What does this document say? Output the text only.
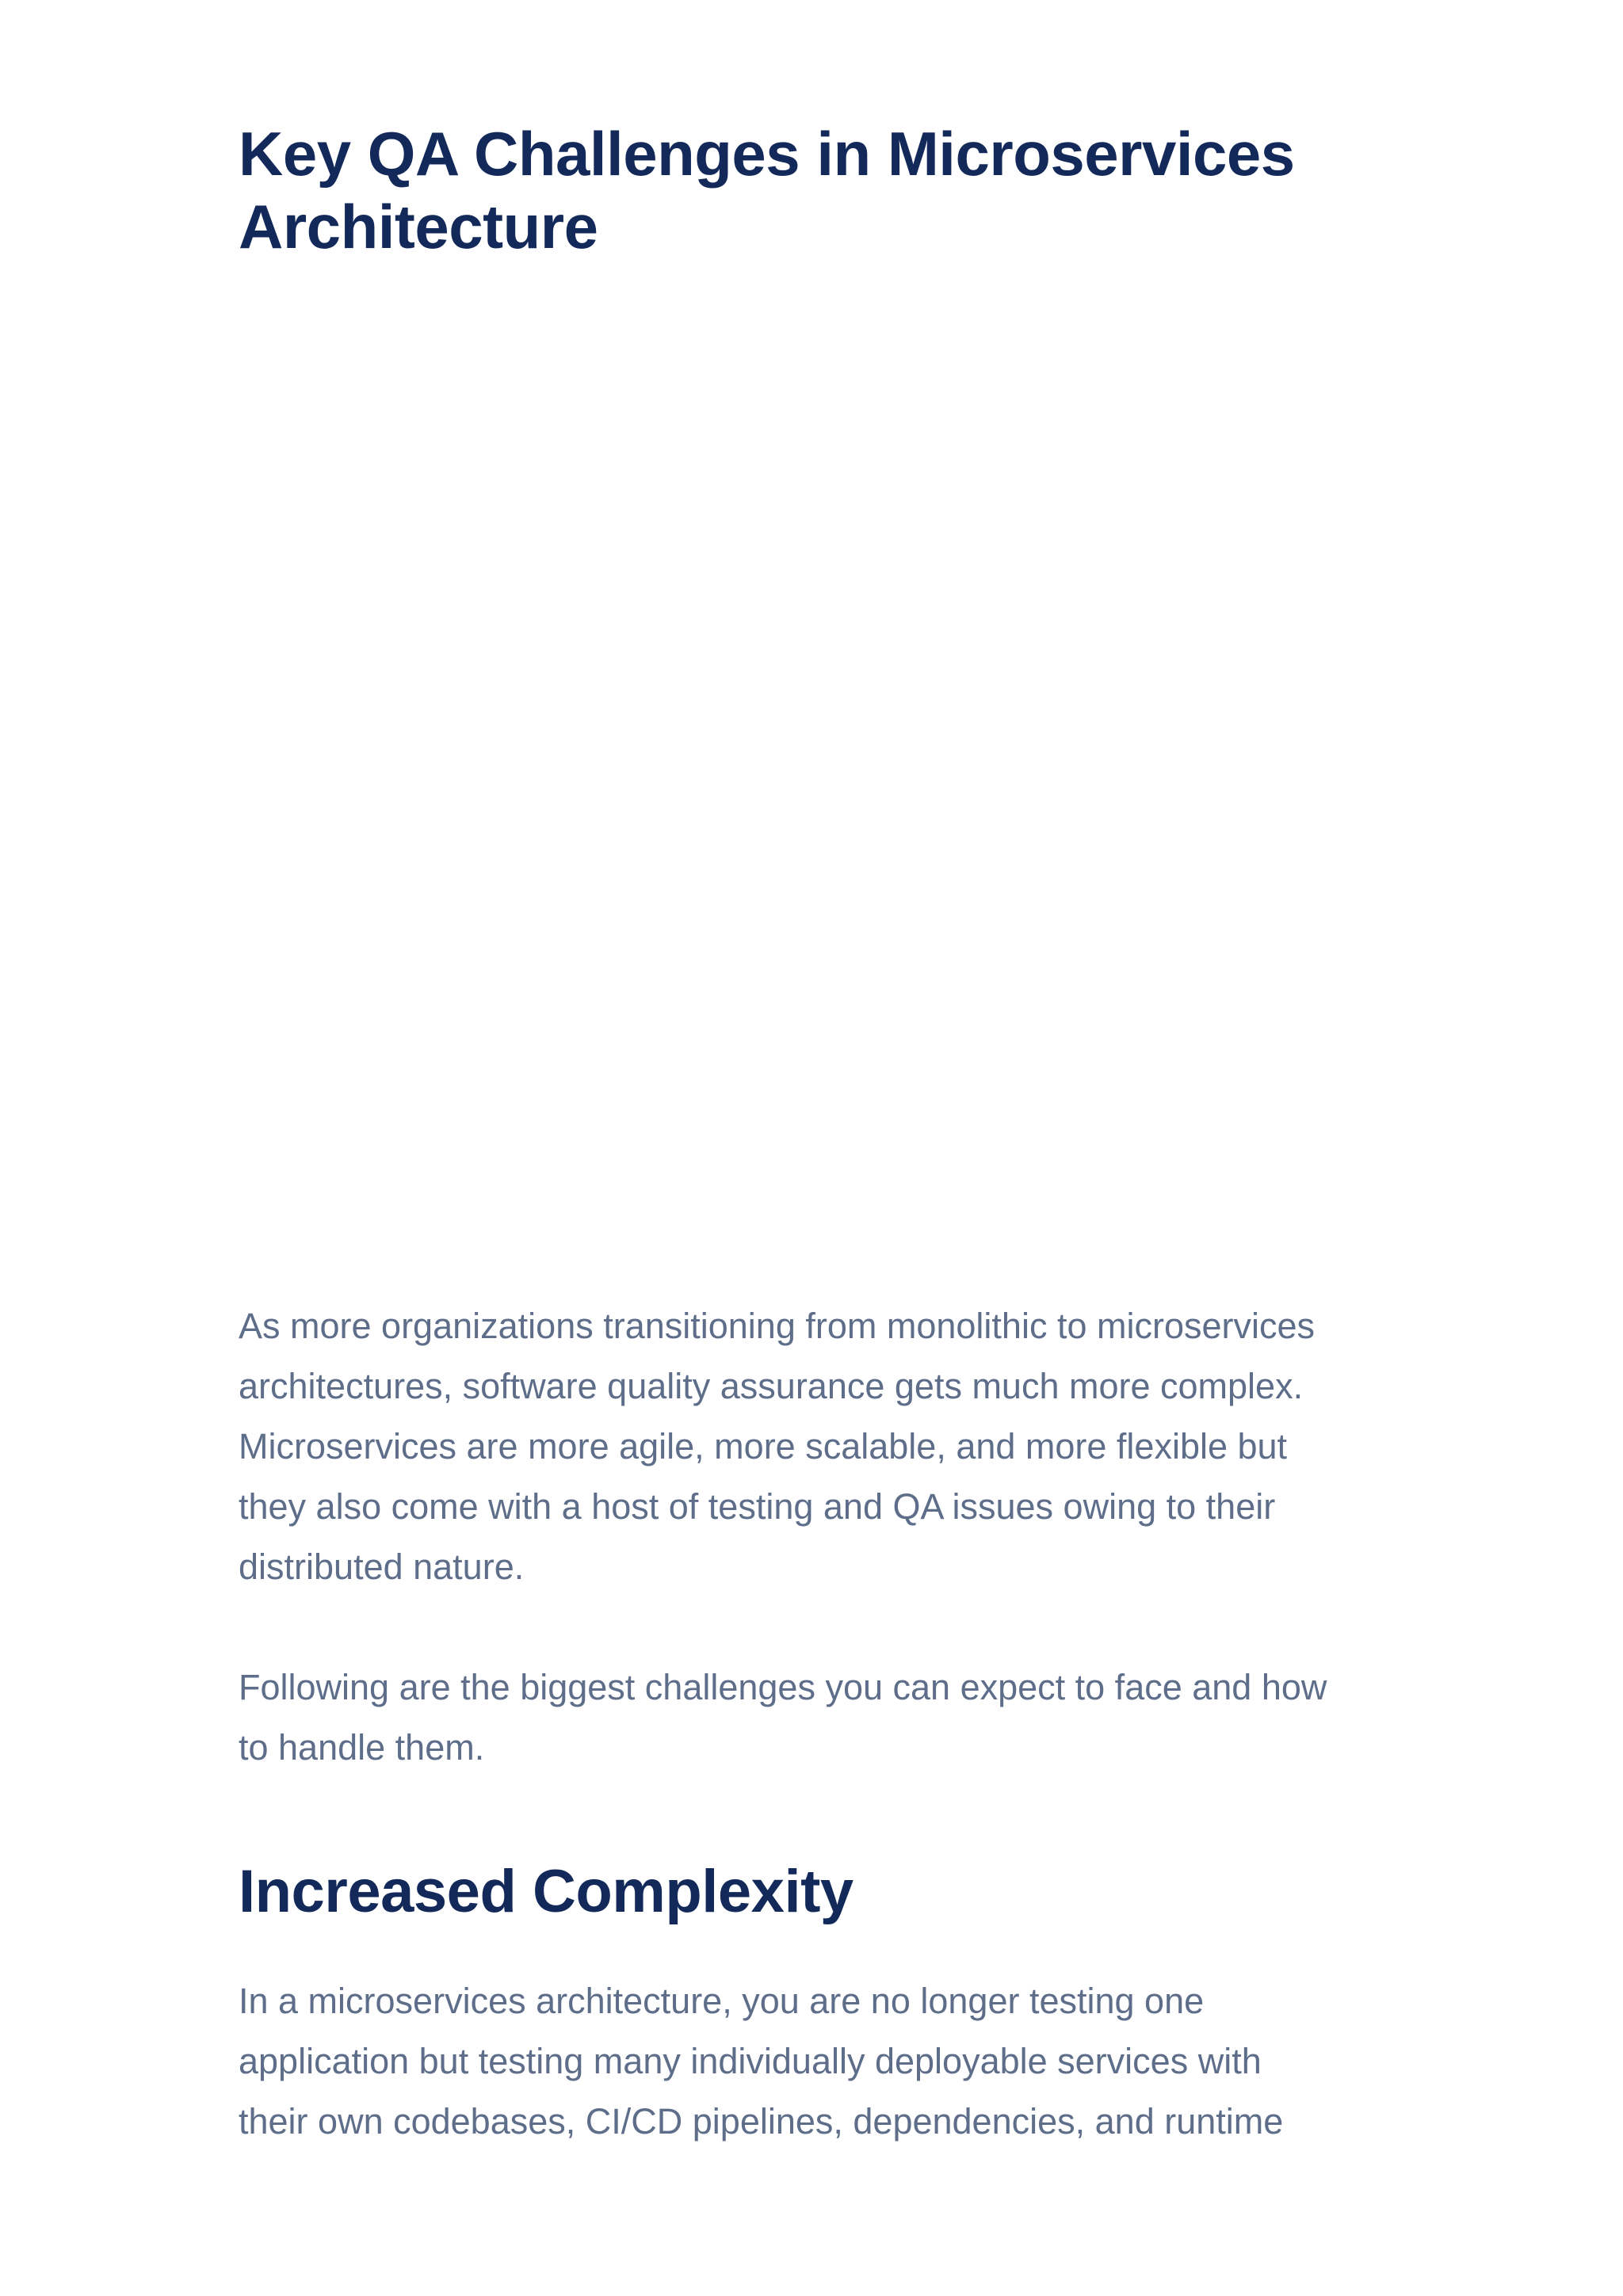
Key QA Challenges in Microservices
Architecture

As more organizations transitioning from monolithic to microservices
architectures, software quality assurance gets much more complex.
Microservices are more agile, more scalable, and more flexible but
they also come with a host of testing and QA issues owing to their
distributed nature.

Following are the biggest challenges you can expect to face and how
to handle them.

Increased Complexity

In a microservices architecture, you are no longer testing one
application but testing many individually deployable services with
their own codebases, CI/CD pipelines, dependencies, and runtime
